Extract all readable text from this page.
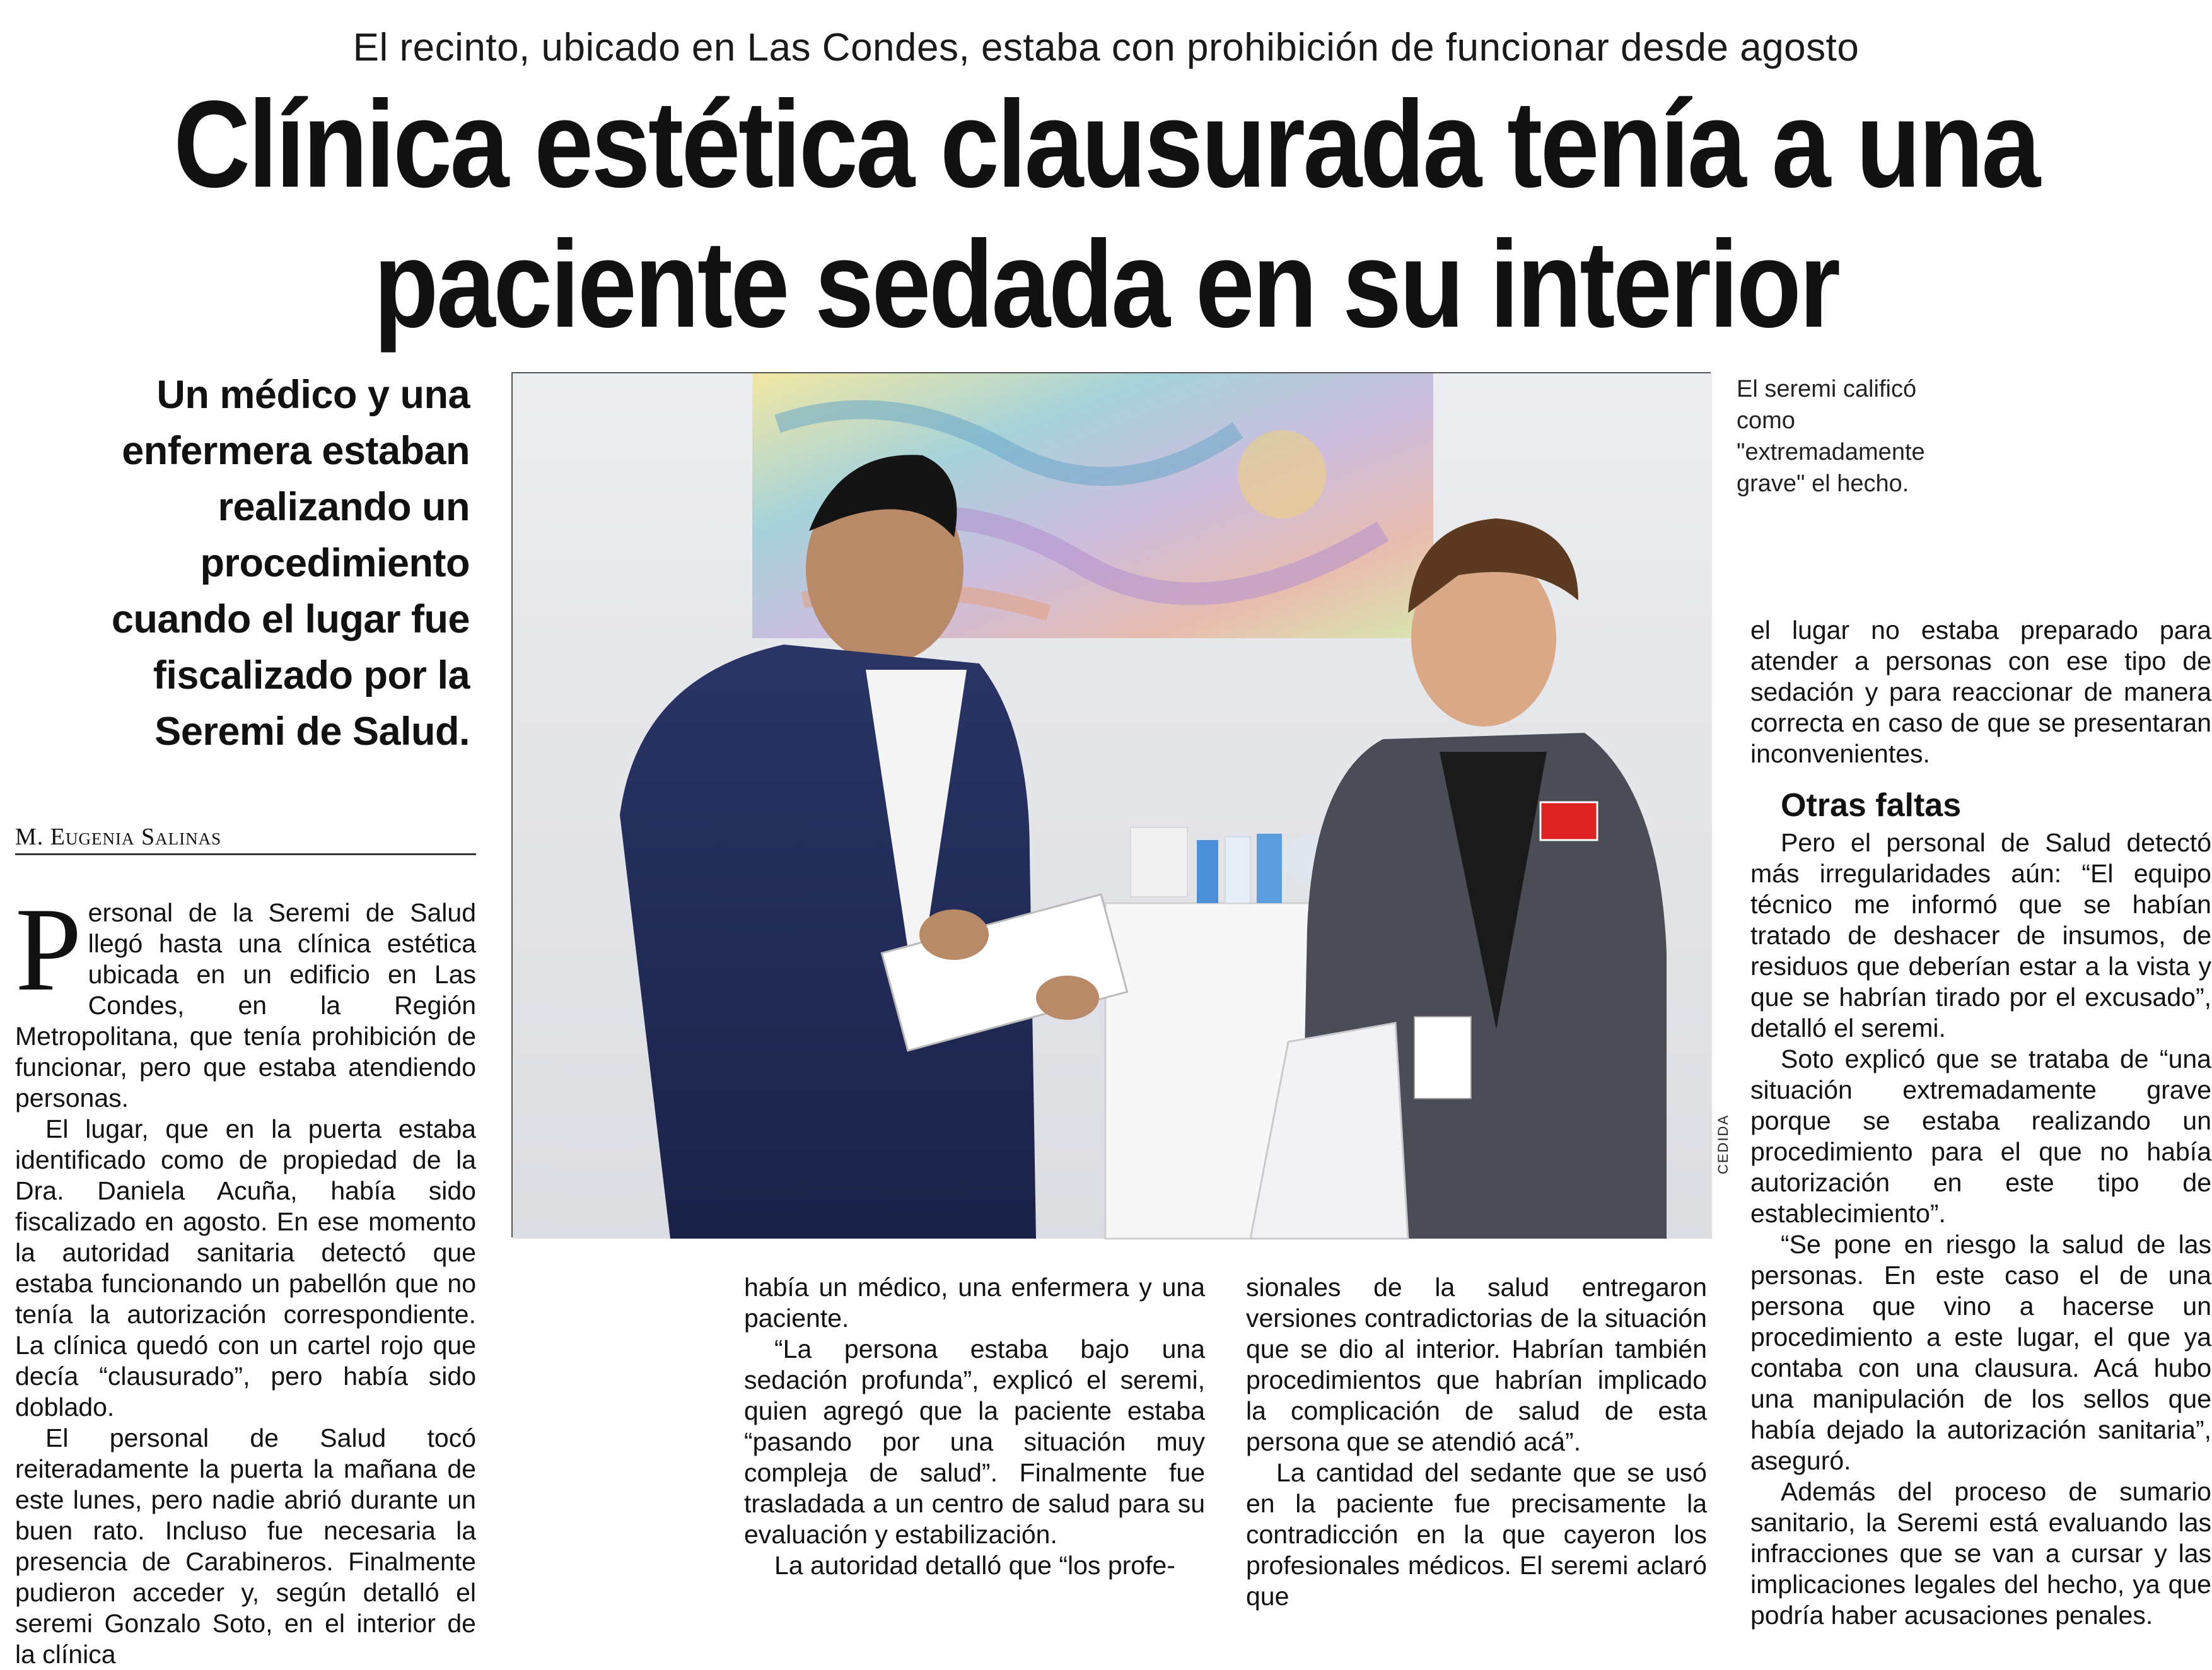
El recinto, ubicado en Las Condes, estaba con prohibición de funcionar desde agosto
Clínica estética clausurada tenía a una
paciente sedada en su interior
Un médico y una enfermera estaban realizando un procedimiento cuando el lugar fue fiscalizado por la Seremi de Salud.
M. Eugenia Salinas
CEDIDA
El seremi calificó como "extremadamente grave" el hecho.

Personal de la Seremi de Salud llegó hasta una clínica estética ubicada en un edificio en Las Condes, en la Región Metropolitana, que tenía prohibición de funcionar, pero que estaba atendiendo personas.

El lugar, que en la puerta estaba identificado como de propiedad de la Dra. Daniela Acuña, había sido fiscalizado en agosto. En ese momento la autoridad sanitaria detectó que estaba funcionando un pabellón que no tenía la autorización correspondiente. La clínica quedó con un cartel rojo que decía “clausurado”, pero había sido doblado.

El personal de Salud tocó reiteradamente la puerta la mañana de este lunes, pero nadie abrió durante un buen rato. Incluso fue necesaria la presencia de Carabineros. Finalmente pudieron acceder y, según detalló el seremi Gonzalo Soto, en el interior de la clínica

había un médico, una enfermera y una paciente.

“La persona estaba bajo una sedación profunda”, explicó el seremi, quien agregó que la paciente estaba “pasando por una situación muy compleja de salud”. Finalmente fue trasladada a un centro de salud para su evaluación y estabilización.

La autoridad detalló que “los profe-

sionales de la salud entregaron versiones contradictorias de la situación que se dio al interior. Habrían también procedimientos que habrían implicado la complicación de salud de esta persona que se atendió acá”.

La cantidad del sedante que se usó en la paciente fue precisamente la contradicción en la que cayeron los profesionales médicos. El seremi aclaró que

el lugar no estaba preparado para atender a personas con ese tipo de sedación y para reaccionar de manera correcta en caso de que se presentaran inconvenientes.

Otras faltas

Pero el personal de Salud detectó más irregularidades aún: “El equipo técnico me informó que se habían tratado de deshacer de insumos, de residuos que deberían estar a la vista y que se habrían tirado por el excusado”, detalló el seremi.

Soto explicó que se trataba de “una situación extremadamente grave porque se estaba realizando un procedimiento para el que no había autorización en este tipo de establecimiento”.

“Se pone en riesgo la salud de las personas. En este caso el de una persona que vino a hacerse un procedimiento a este lugar, el que ya contaba con una clausura. Acá hubo una manipulación de los sellos que había dejado la autorización sanitaria”, aseguró.

Además del proceso de sumario sanitario, la Seremi está evaluando las infracciones que se van a cursar y las implicaciones legales del hecho, ya que podría haber acusaciones penales.
